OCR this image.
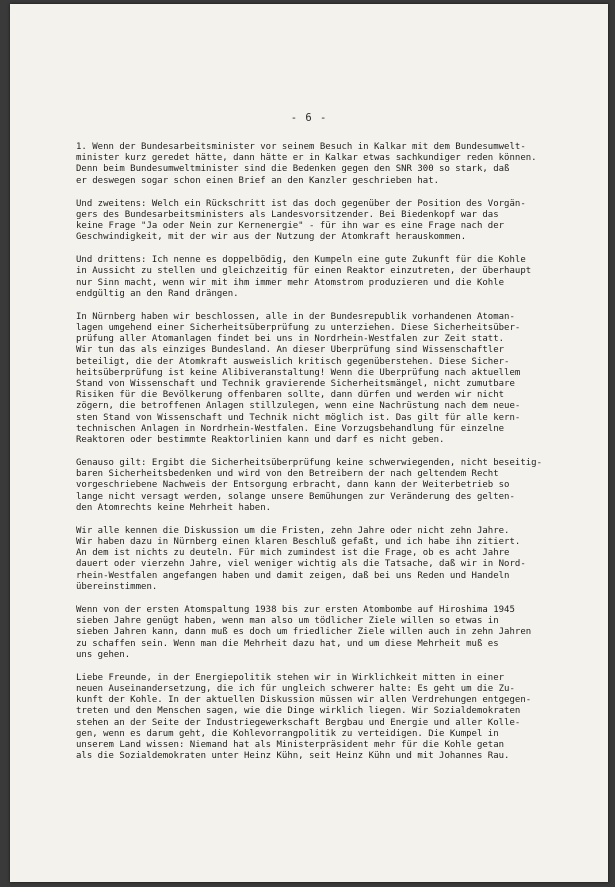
- 6 -

1. Wenn der Bundesarbeitsminister vor seinem Besuch in Kalkar mit dem Bundesumwelt-
minister kurz geredet hätte, dann hätte er in Kalkar etwas sachkundiger reden können.
Denn beim Bundesumweltminister sind die Bedenken gegen den SNR 300 so stark, daß
er deswegen sogar schon einen Brief an den Kanzler geschrieben hat.

Und zweitens: Welch ein Rückschritt ist das doch gegenüber der Position des Vorgän-
gers des Bundesarbeitsministers als Landesvorsitzender. Bei Biedenkopf war das
keine Frage "Ja oder Nein zur Kernenergie" - für ihn war es eine Frage nach der
Geschwindigkeit, mit der wir aus der Nutzung der Atomkraft herauskommen.

Und drittens: Ich nenne es doppelbödig, den Kumpeln eine gute Zukunft für die Kohle
in Aussicht zu stellen und gleichzeitig für einen Reaktor einzutreten, der überhaupt
nur Sinn macht, wenn wir mit ihm immer mehr Atomstrom produzieren und die Kohle
endgültig an den Rand drängen.

In Nürnberg haben wir beschlossen, alle in der Bundesrepublik vorhandenen Atoman-
lagen umgehend einer Sicherheitsüberprüfung zu unterziehen. Diese Sicherheitsüber-
prüfung aller Atomanlagen findet bei uns in Nordrhein-Westfalen zur Zeit statt.
Wir tun das als einziges Bundesland. An dieser Überprüfung sind Wissenschaftler
beteiligt, die der Atomkraft ausweislich kritisch gegenüberstehen. Diese Sicher-
heitsüberprüfung ist keine Alibiveranstaltung! Wenn die Überprüfung nach aktuellem
Stand von Wissenschaft und Technik gravierende Sicherheitsmängel, nicht zumutbare
Risiken für die Bevölkerung offenbaren sollte, dann dürfen und werden wir nicht
zögern, die betroffenen Anlagen stillzulegen, wenn eine Nachrüstung nach dem neue-
sten Stand von Wissenschaft und Technik nicht möglich ist. Das gilt für alle kern-
technischen Anlagen in Nordrhein-Westfalen. Eine Vorzugsbehandlung für einzelne
Reaktoren oder bestimmte Reaktorlinien kann und darf es nicht geben.

Genauso gilt: Ergibt die Sicherheitsüberprüfung keine schwerwiegenden, nicht beseitig-
baren Sicherheitsbedenken und wird von den Betreibern der nach geltendem Recht
vorgeschriebene Nachweis der Entsorgung erbracht, dann kann der Weiterbetrieb so
lange nicht versagt werden, solange unsere Bemühungen zur Veränderung des gelten-
den Atomrechts keine Mehrheit haben.

Wir alle kennen die Diskussion um die Fristen, zehn Jahre oder nicht zehn Jahre.
Wir haben dazu in Nürnberg einen klaren Beschluß gefaßt, und ich habe ihn zitiert.
An dem ist nichts zu deuteln. Für mich zumindest ist die Frage, ob es acht Jahre
dauert oder vierzehn Jahre, viel weniger wichtig als die Tatsache, daß wir in Nord-
rhein-Westfalen angefangen haben und damit zeigen, daß bei uns Reden und Handeln
übereinstimmen.

Wenn von der ersten Atomspaltung 1938 bis zur ersten Atombombe auf Hiroshima 1945
sieben Jahre genügt haben, wenn man also um tödlicher Ziele willen so etwas in
sieben Jahren kann, dann muß es doch um friedlicher Ziele willen auch in zehn Jahren
zu schaffen sein. Wenn man die Mehrheit dazu hat, und um diese Mehrheit muß es
uns gehen.

Liebe Freunde, in der Energiepolitik stehen wir in Wirklichkeit mitten in einer
neuen Auseinandersetzung, die ich für ungleich schwerer halte: Es geht um die Zu-
kunft der Kohle. In der aktuellen Diskussion müssen wir allen Verdrehungen entgegen-
treten und den Menschen sagen, wie die Dinge wirklich liegen. Wir Sozialdemokraten
stehen an der Seite der Industriegewerkschaft Bergbau und Energie und aller Kolle-
gen, wenn es darum geht, die Kohlevorrangpolitik zu verteidigen. Die Kumpel in
unserem Land wissen: Niemand hat als Ministerpräsident mehr für die Kohle getan
als die Sozialdemokraten unter Heinz Kühn, seit Heinz Kühn und mit Johannes Rau.
